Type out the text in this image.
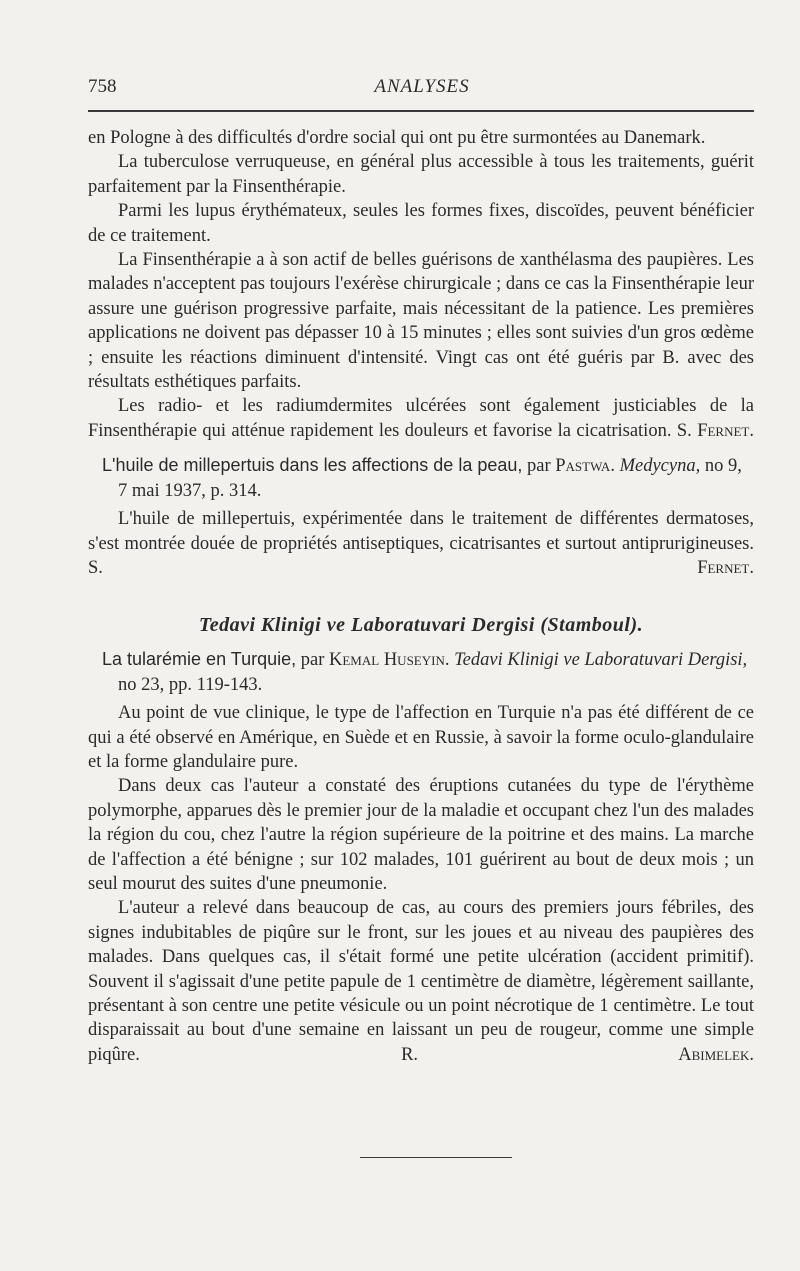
758	ANALYSES

en Pologne à des difficultés d'ordre social qui ont pu être surmontées au Danemark.

La tuberculose verruqueuse, en général plus accessible à tous les traitements, guérit parfaitement par la Finsenthérapie.

Parmi les lupus érythémateux, seules les formes fixes, discoïdes, peuvent bénéficier de ce traitement.

La Finsenthérapie a à son actif de belles guérisons de xanthélasma des paupières. Les malades n'acceptent pas toujours l'exérèse chirurgicale ; dans ce cas la Finsenthérapie leur assure une guérison progressive parfaite, mais nécessitant de la patience. Les premières applications ne doivent pas dépasser 10 à 15 minutes ; elles sont suivies d'un gros œdème ; ensuite les réactions diminuent d'intensité. Vingt cas ont été guéris par B. avec des résultats esthétiques parfaits.

Les radio- et les radiumdermites ulcérées sont également justiciables de la Finsenthérapie qui atténue rapidement les douleurs et favorise la cicatrisation. S. Fernet.

L'huile de millepertuis dans les affections de la peau, par Pastwa. Medycyna, no 9, 7 mai 1937, p. 314.

L'huile de millepertuis, expérimentée dans le traitement de différentes dermatoses, s'est montrée douée de propriétés antiseptiques, cicatrisantes et surtout antiprurigineuses. S. Fernet.

Tedavi Klinigi ve Laboratuvari Dergisi (Stamboul).
La tularémie en Turquie, par Kemal Huseyin. Tedavi Klinigi ve Laboratuvari Dergisi, no 23, pp. 119-143.

Au point de vue clinique, le type de l'affection en Turquie n'a pas été différent de ce qui a été observé en Amérique, en Suède et en Russie, à savoir la forme oculo-glandulaire et la forme glandulaire pure.

Dans deux cas l'auteur a constaté des éruptions cutanées du type de l'érythème polymorphe, apparues dès le premier jour de la maladie et occupant chez l'un des malades la région du cou, chez l'autre la région supérieure de la poitrine et des mains. La marche de l'affection a été bénigne ; sur 102 malades, 101 guérirent au bout de deux mois ; un seul mourut des suites d'une pneumonie.

L'auteur a relevé dans beaucoup de cas, au cours des premiers jours fébriles, des signes indubitables de piqûre sur le front, sur les joues et au niveau des paupières des malades. Dans quelques cas, il s'était formé une petite ulcération (accident primitif). Souvent il s'agissait d'une petite papule de 1 centimètre de diamètre, légèrement saillante, présentant à son centre une petite vésicule ou un point nécrotique de 1 centimètre. Le tout disparaissait au bout d'une semaine en laissant un peu de rougeur, comme une simple piqûre.	R. Abimelek.
